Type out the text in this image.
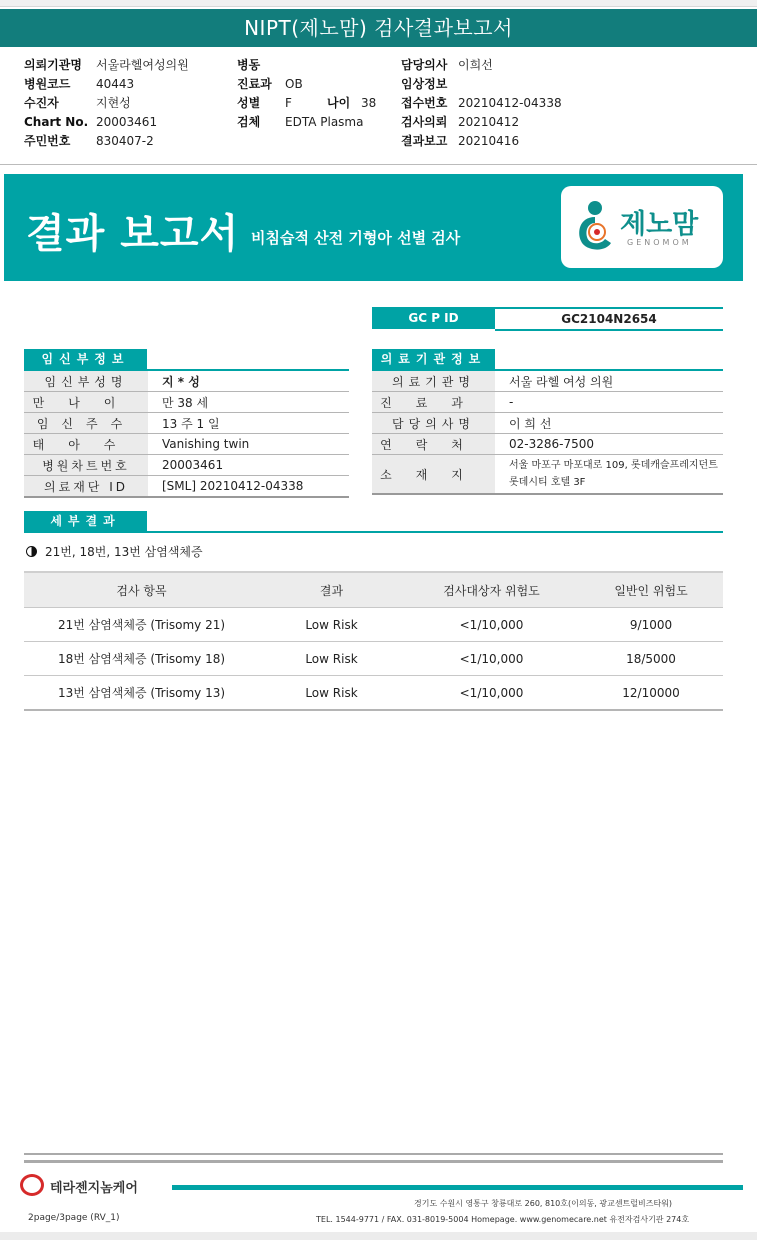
NIPT(제노맘) 검사결과보고서
의뢰기관명 서울라헬여성의원
병원코드 40443
수진자	지현성
Chart No. 20003461
주민번호 830407-2
병동
진료과 OB
성별 F	나이 38
검체 EDTA Plasma
담당의사 이희선
임상정보
접수번호 20210412-04338
검사의뢰 20210412
결과보고 20210416
결과 보고서 비침습적 산전 기형아 선별 검사	제노맘
GENOMOM
GC P ID	GC2104N2654
임신부정보	의료기관정보
임신부성명	지 * 성
만나이	만 38 세
임신주수	13 주 1 일
태아수	Vanishing twin
병원차트번호	20003461
의료재단 ID	[SML] 20210412-04338
의료기관명	서울 라헬 여성 의원
진료과	-
담당의사명	이 희 선
연락처	02-3286-7500
소재지	서울 마포구 마포대로 109, 롯데캐슬프레지던트 롯데시티 호텔 3F
세부결과
21번, 18번, 13번 삼염색체증
검사 항목	결과	검사대상자 위험도	일반인 위험도
21번 삼염색체증 (Trisomy 21)	Low Risk	<1/10,000	9/1000
18번 삼염색체증 (Trisomy 18)	Low Risk	<1/10,000	18/5000
13번 삼염색체증 (Trisomy 13)	Low Risk	<1/10,000	12/10000
테라젠지놈케어
경기도 수원시 영통구 창룡대로 260, 810호(이의동, 광교센트럴비즈타워)
TEL. 1544-9771 / FAX. 031-8019-5004 Homepage. www.genomecare.net 유전자검사기관 274호
2page/3page (RV_1)
